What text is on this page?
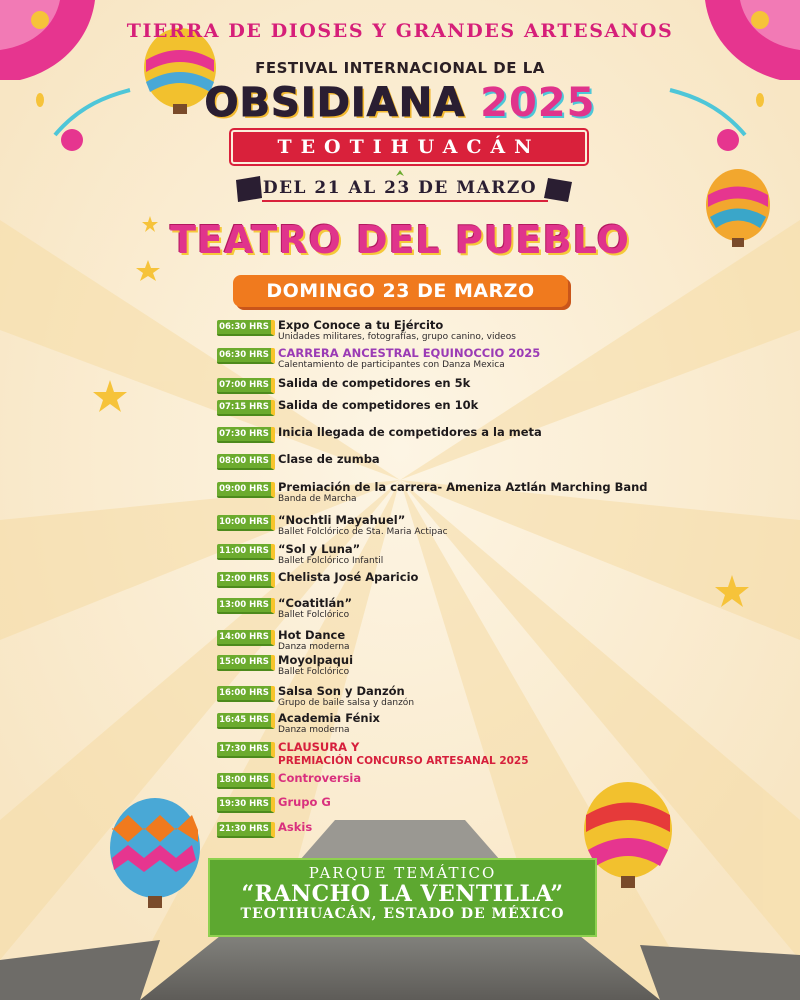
TIERRA DE DIOSES Y GRANDES ARTESANOS
FESTIVAL INTERNACIONAL DE LA
OBSIDIANA 2025
TEOTIHUACÁN
DEL 21 AL 23 DE MARZO
TEATRO DEL PUEBLO
DOMINGO 23 DE MARZO
06:30 HRS Expo Conoce a tu Ejército
Unidades militares, fotografías, grupo canino, videos
06:30 HRS CARRERA ANCESTRAL EQUINOCCIO 2025
Calentamiento de participantes con Danza Mexica
07:00 HRS Salida de competidores en 5k
07:15 HRS Salida de competidores en 10k
07:30 HRS Inicia llegada de competidores a la meta
08:00 HRS Clase de zumba
09:00 HRS Premiación de la carrera- Ameniza Aztlán Marching Band
Banda de Marcha
10:00 HRS “Nochtli Mayahuel”
Ballet Folclórico de Sta. Maria Actipac
11:00 HRS “Sol y Luna”
Ballet Folclórico Infantil
12:00 HRS Chelista José Aparicio
13:00 HRS “Coatitlán”
Ballet Folclórico
14:00 HRS Hot Dance
Danza moderna
15:00 HRS Moyolpaqui
Ballet Folclórico
16:00 HRS Salsa Son y Danzón
Grupo de baile salsa y danzón
16:45 HRS Academia Fénix
Danza moderna
17:30 HRS CLAUSURA Y
PREMIACIÓN CONCURSO ARTESANAL 2025
18:00 HRS Controversia
19:30 HRS Grupo G
21:30 HRS Askis
PARQUE TEMÁTICO
“RANCHO LA VENTILLA”
TEOTIHUACÁN, ESTADO DE MÉXICO
